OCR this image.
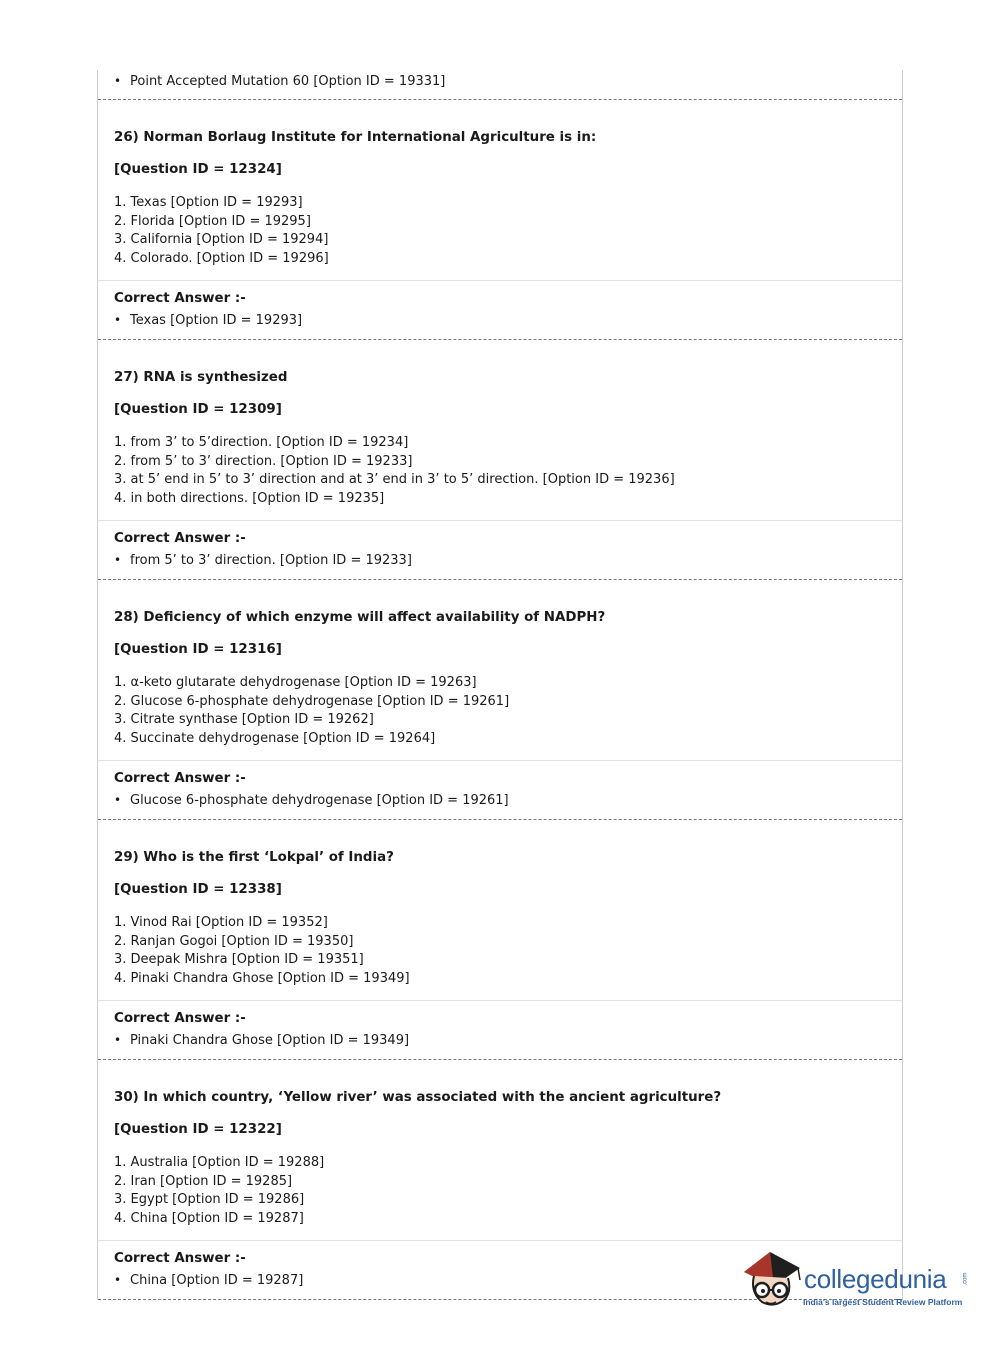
• Point Accepted Mutation 60 [Option ID = 19331]
26) Norman Borlaug Institute for International Agriculture is in:
[Question ID = 12324]
1. Texas [Option ID = 19293]
2. Florida [Option ID = 19295]
3. California [Option ID = 19294]
4. Colorado. [Option ID = 19296]
Correct Answer :-
• Texas [Option ID = 19293]
27) RNA is synthesized
[Question ID = 12309]
1. from 3’ to 5’direction. [Option ID = 19234]
2. from 5’ to 3’ direction. [Option ID = 19233]
3. at 5’ end in 5’ to 3’ direction and at 3’ end in 3’ to 5’ direction. [Option ID = 19236]
4. in both directions. [Option ID = 19235]
Correct Answer :-
• from 5’ to 3’ direction. [Option ID = 19233]
28) Deficiency of which enzyme will affect availability of NADPH?
[Question ID = 12316]
1. α-keto glutarate dehydrogenase [Option ID = 19263]
2. Glucose 6-phosphate dehydrogenase [Option ID = 19261]
3. Citrate synthase [Option ID = 19262]
4. Succinate dehydrogenase [Option ID = 19264]
Correct Answer :-
• Glucose 6-phosphate dehydrogenase [Option ID = 19261]
29) Who is the first ‘Lokpal’ of India?
[Question ID = 12338]
1. Vinod Rai [Option ID = 19352]
2. Ranjan Gogoi [Option ID = 19350]
3. Deepak Mishra [Option ID = 19351]
4. Pinaki Chandra Ghose [Option ID = 19349]
Correct Answer :-
• Pinaki Chandra Ghose [Option ID = 19349]
30) In which country, ‘Yellow river’ was associated with the ancient agriculture?
[Question ID = 12322]
1. Australia [Option ID = 19288]
2. Iran [Option ID = 19285]
3. Egypt [Option ID = 19286]
4. China [Option ID = 19287]
Correct Answer :-
• China [Option ID = 19287]	collegedunia	.com
India's largest Student Review Platform
